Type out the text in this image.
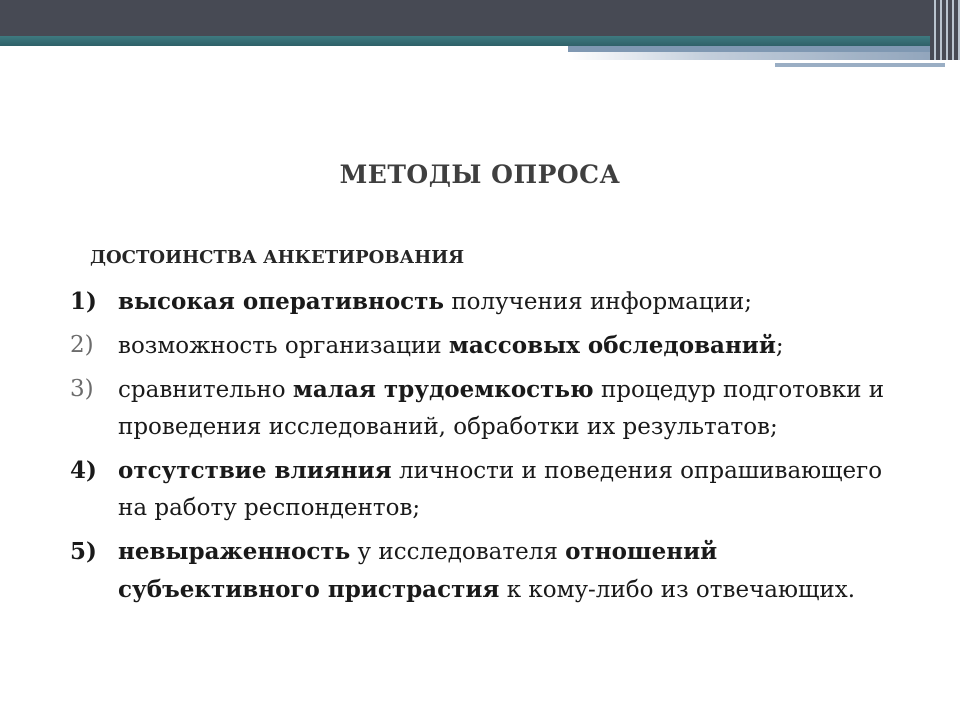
МЕТОДЫ ОПРОСА
ДОСТОИНСТВА АНКЕТИРОВАНИЯ
1) высокая оперативность получения информации;
2)	возможность организации массовых обследований;
3)	сравнительно малая трудоемкостью процедур подготовки и проведения исследований, обработки их результатов;
4) отсутствие влияния личности и поведения опрашивающего на работу респондентов;
5) невыраженность у исследователя отношений субъективного пристрастия к кому-либо из отвечающих.
